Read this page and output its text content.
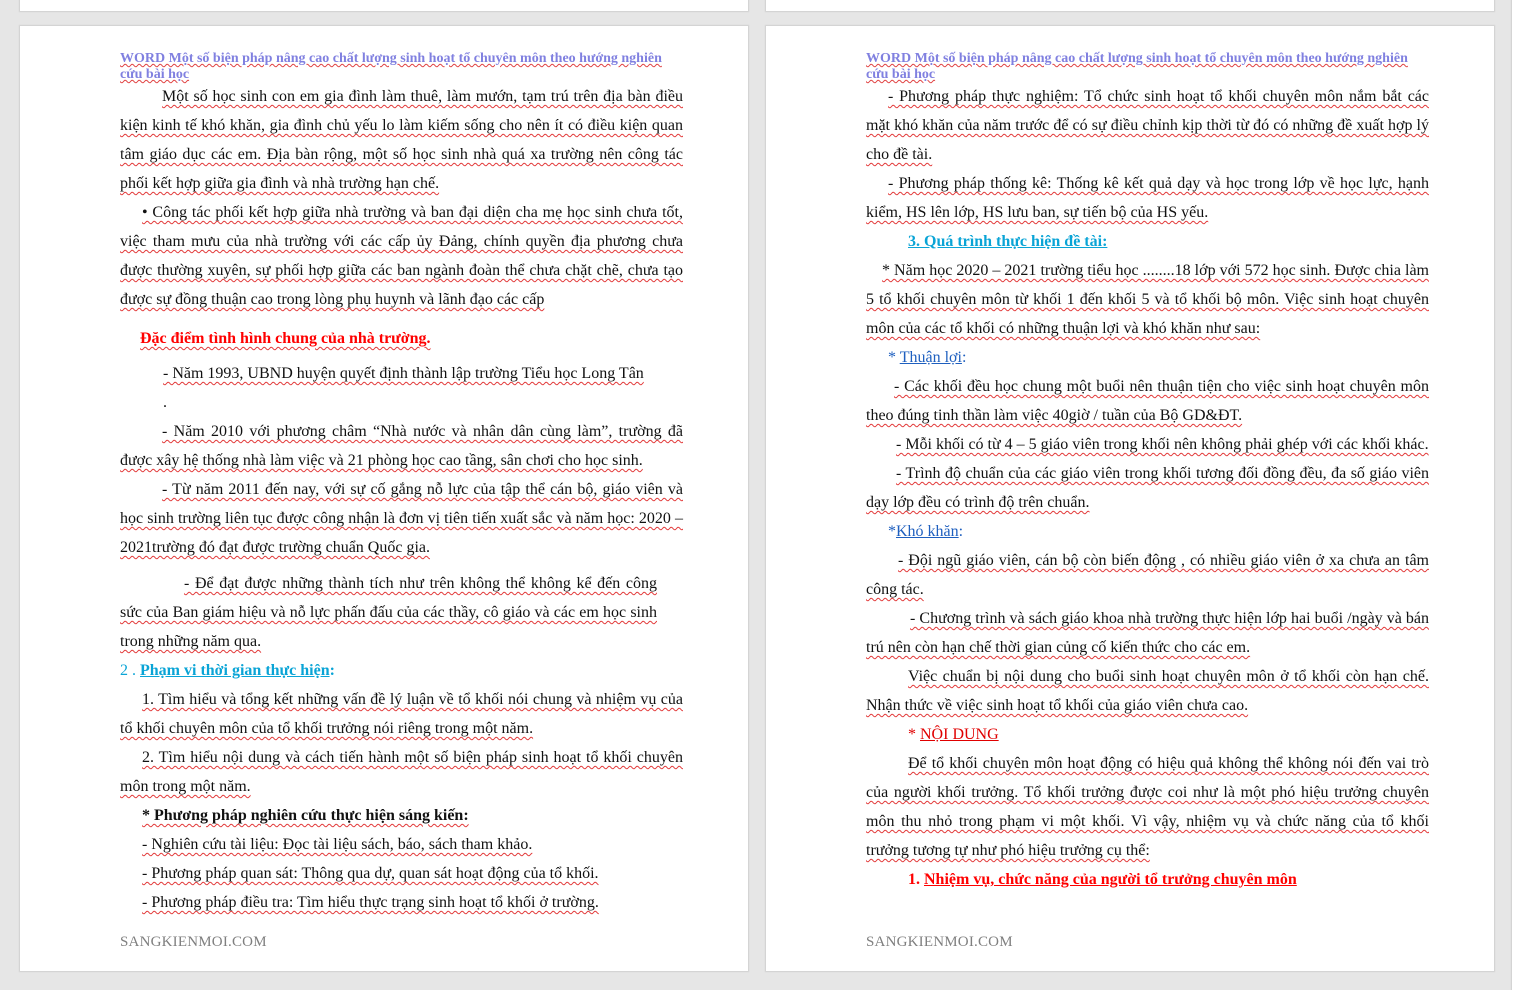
WORD Một số biện pháp nâng cao chất lượng sinh hoạt tổ chuyên môn theo hướng nghiên cứu bài học

Một số học sinh con em gia đình làm thuê, làm mướn, tạm trú trên địa bàn điều kiện kinh tế khó khăn, gia đình chủ yếu lo làm kiếm sống cho nên ít có điều kiện quan tâm giáo dục các em. Địa bàn rộng, một số học sinh nhà quá xa trường nên công tác phối kết hợp giữa gia đình và nhà trường hạn chế.

• Công tác phối kết hợp giữa nhà trường và ban đại diện cha mẹ học sinh chưa tốt, việc tham mưu của nhà trường với các cấp ủy Đảng, chính quyền địa phương chưa được thường xuyên, sự phối hợp giữa các ban ngành đoàn thể chưa chặt chẽ, chưa tạo được sự đồng thuận cao trong lòng phụ huynh và lãnh đạo các cấp

Đặc điểm tình hình chung của nhà trường.

- Năm 1993, UBND huyện quyết định thành lập trường Tiểu học Long Tân

.

- Năm 2010 với phương châm “Nhà nước và nhân dân cùng làm”, trường đã được xây hệ thống nhà làm việc và 21 phòng học cao tầng, sân chơi cho học sinh.

- Từ năm 2011 đến nay, với sự cố gắng nỗ lực của tập thể cán bộ, giáo viên và học sinh trường liên tục được công nhận là đơn vị tiên tiến xuất sắc và năm học: 2020 – 2021trường đó đạt được trường chuẩn Quốc gia.

- Để đạt được những thành tích như trên không thể không kể đến công sức của Ban giám hiệu và nỗ lực phấn đấu của các thầy, cô giáo và các em học sinh trong những năm qua.

2 . Phạm vi thời gian thực hiện:

1. Tìm hiểu và tổng kết những vấn đề lý luận về tổ khối nói chung và nhiệm vụ của tổ khối chuyên môn của tổ khối trưởng nói riêng trong một năm.

2. Tìm hiểu nội dung và cách tiến hành một số biện pháp sinh hoạt tổ khối chuyên môn trong một năm.

* Phương pháp nghiên cứu thực hiện sáng kiến:

- Nghiên cứu tài liệu: Đọc tài liệu sách, báo, sách tham khảo.

- Phương pháp quan sát: Thông qua dự, quan sát hoạt động của tổ khối.

- Phương pháp điều tra: Tìm hiểu thực trạng sinh hoạt tổ khối ở trường.

SANGKIENMOI.COM
WORD Một số biện pháp nâng cao chất lượng sinh hoạt tổ chuyên môn theo hướng nghiên cứu bài học

- Phương pháp thực nghiệm: Tổ chức sinh hoạt tổ khối chuyên môn nắm bắt các mặt khó khăn của năm trước để có sự điều chỉnh kịp thời từ đó có những đề xuất hợp lý cho đề tài.

- Phương pháp thống kê: Thống kê kết quả dạy và học trong lớp về học lực, hạnh kiểm, HS lên lớp, HS lưu ban, sự tiến bộ của HS yếu.

3. Quá trình thực hiện đề tài:

* Năm học 2020 – 2021 trường tiểu học ........18 lớp với 572 học sinh. Được chia làm 5 tổ khối chuyên môn từ khối 1 đến khối 5 và tổ khối bộ môn. Việc sinh hoạt chuyên môn của các tổ khối có những thuận lợi và khó khăn như sau:

* Thuận lợi:

- Các khối đều học chung một buổi nên thuận tiện cho việc sinh hoạt chuyên môn theo đúng tinh thần làm việc 40giờ / tuần của Bộ GD&ĐT.

- Mỗi khối có từ 4 – 5 giáo viên trong khối nên không phải ghép với các khối khác.

- Trình độ chuẩn của các giáo viên trong khối tương đối đồng đều, đa số giáo viên dạy lớp đều có trình độ trên chuẩn.

*Khó khăn:

- Đội ngũ giáo viên, cán bộ còn biến động , có nhiều giáo viên ở xa chưa an tâm công tác.

- Chương trình và sách giáo khoa nhà trường thực hiện lớp hai buổi /ngày và bán trú nên còn hạn chế thời gian củng cố kiến thức cho các em.

Việc chuẩn bị nội dung cho buổi sinh hoạt chuyên môn ở tổ khối còn hạn chế. Nhận thức về việc sinh hoạt tổ khối của giáo viên chưa cao.

* NỘI DUNG

Để tổ khối chuyên môn hoạt động có hiệu quả không thể không nói đến vai trò của người khối trưởng. Tổ khối trưởng được coi như là một phó hiệu trưởng chuyên môn thu nhỏ trong phạm vi một khối. Vì vậy, nhiệm vụ và chức năng của tổ khối trưởng tương tự như phó hiệu trưởng cụ thể:

1. Nhiệm vụ, chức năng của người tổ trưởng chuyên môn

SANGKIENMOI.COM
